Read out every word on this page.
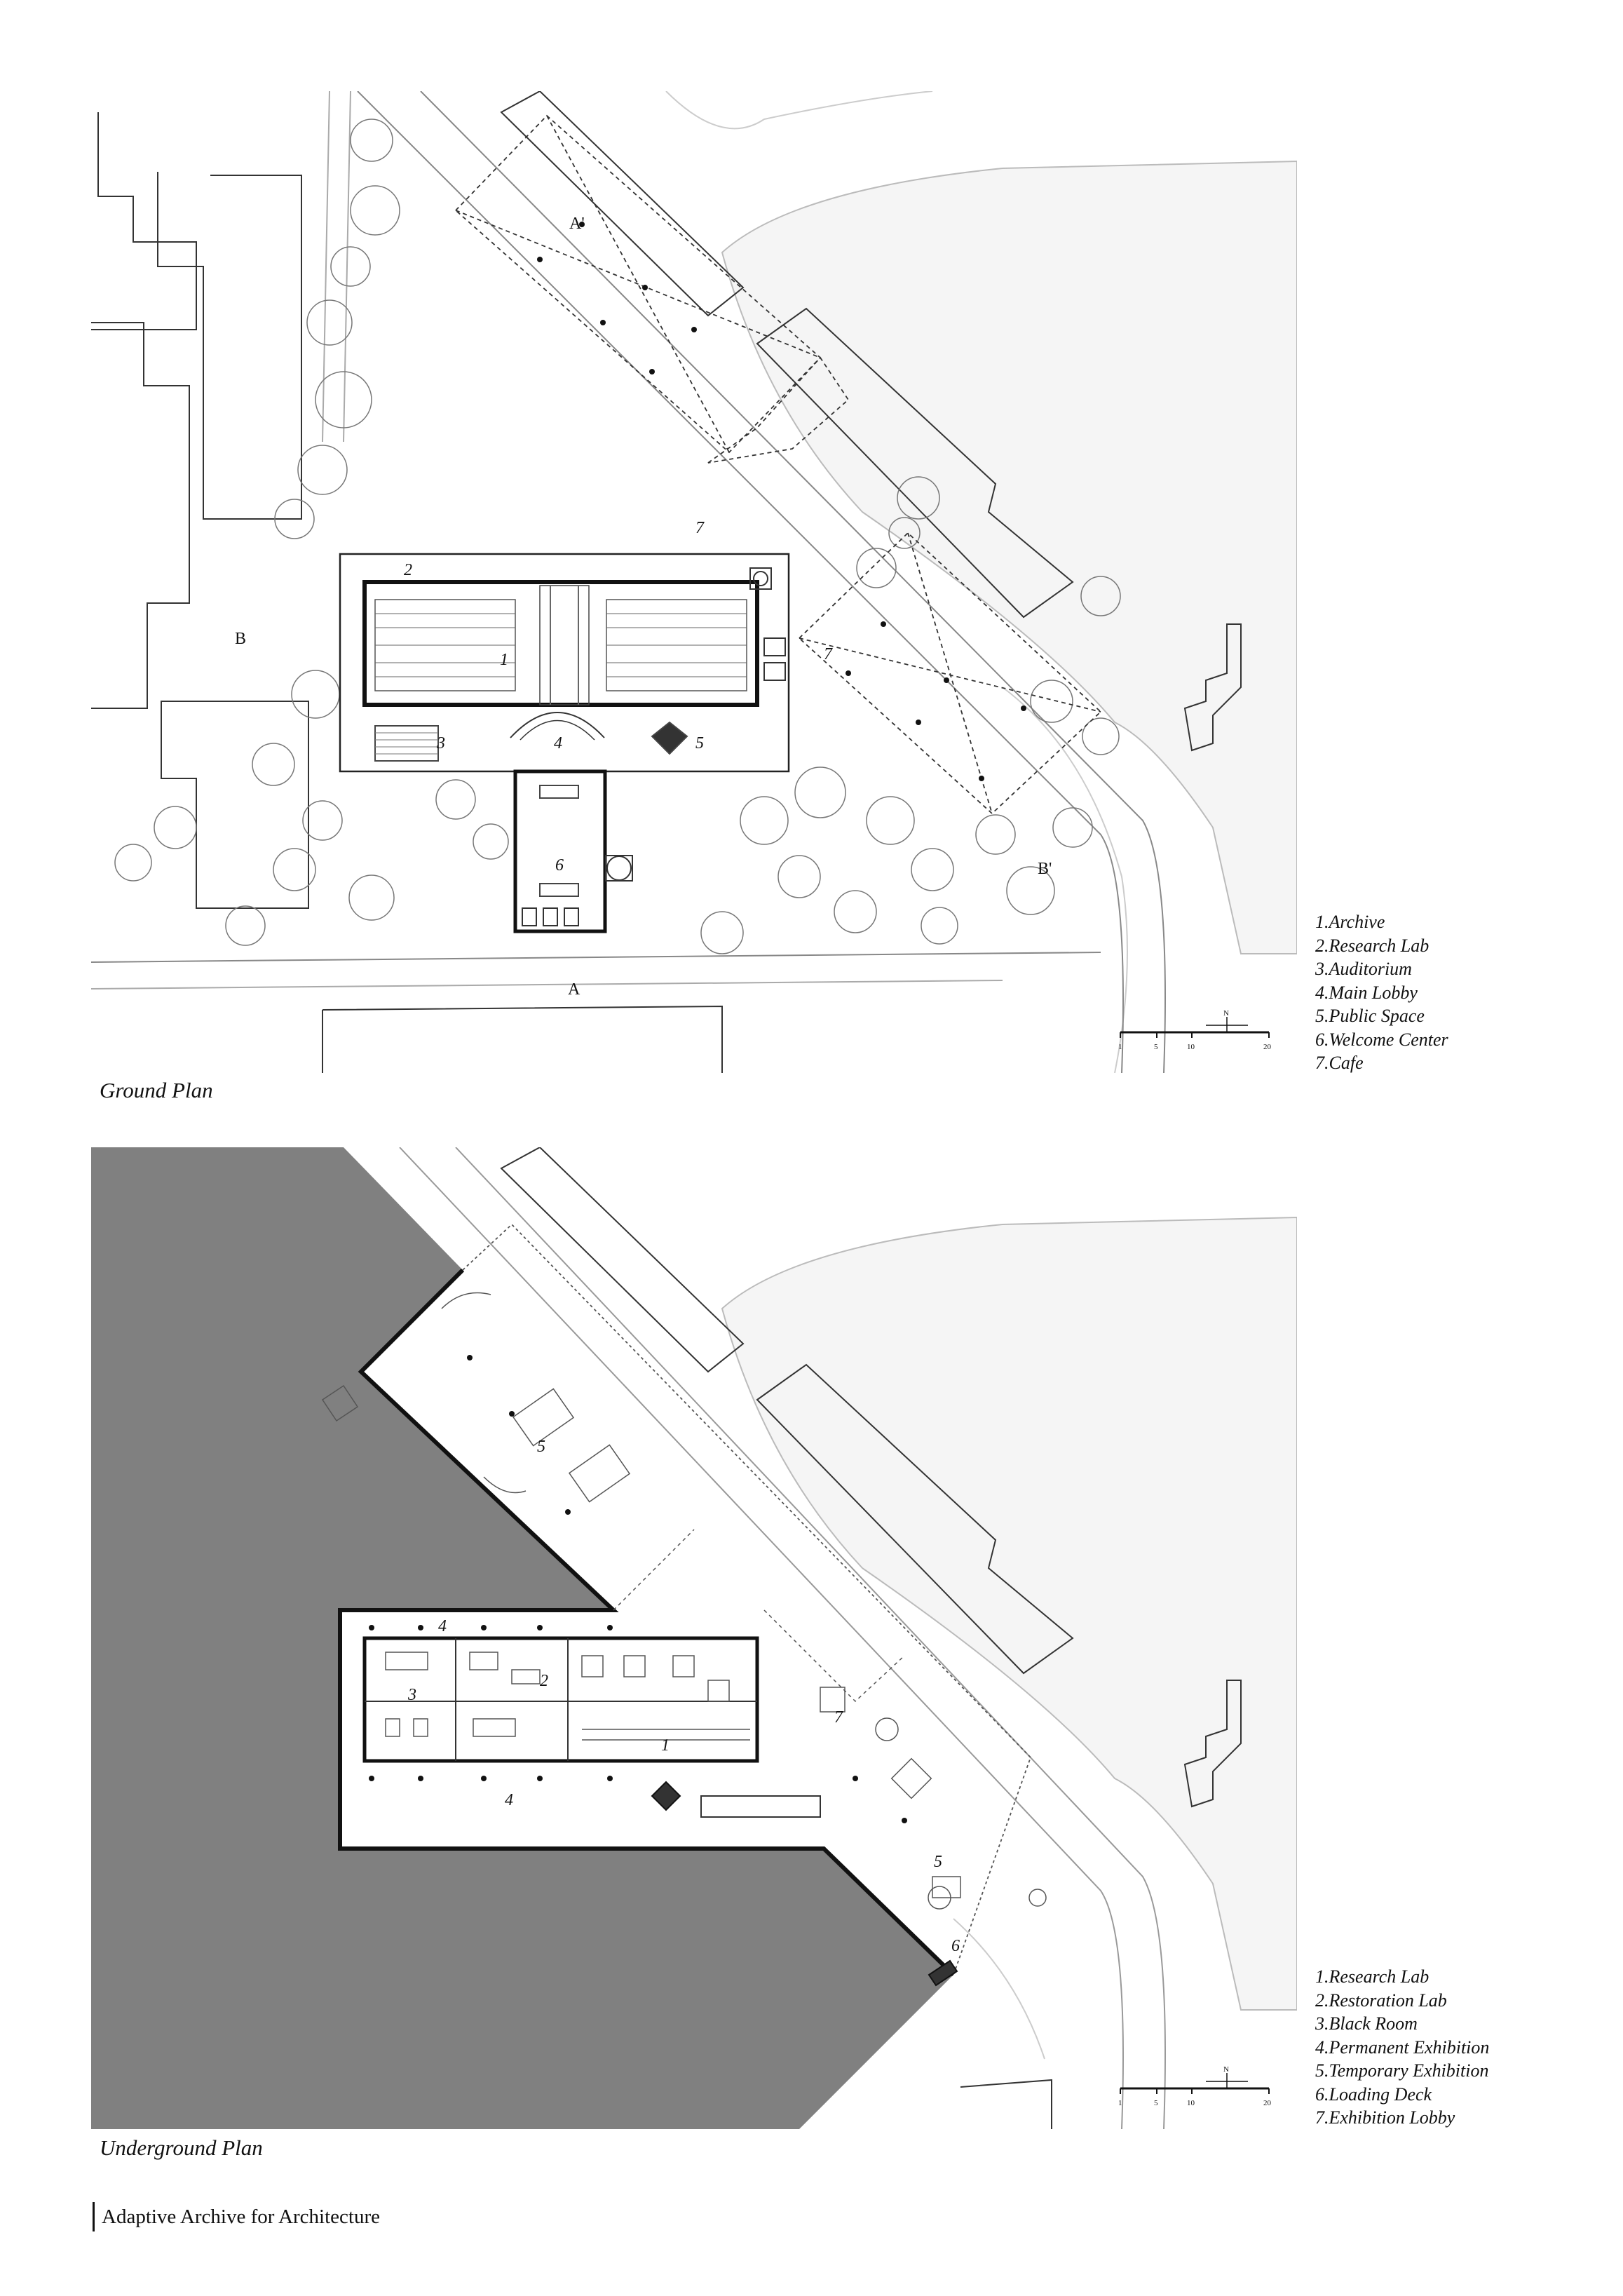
1
2
3	4	5
6
7
7
A
A'
B
B'
1	5	10	20
N
1.Archive
2.Research Lab
3.Auditorium
4.Main Lobby
5.Public Space
6.Welcome Center
7.Cafe
Ground Plan
1
2
3
4
4
5
5
6
7
1	5	10	20
N
1.Research Lab
2.Restoration Lab
3.Black Room
4.Permanent Exhibition
5.Temporary Exhibition
6.Loading Deck
7.Exhibition Lobby
Underground Plan
Adaptive Archive for Architecture
